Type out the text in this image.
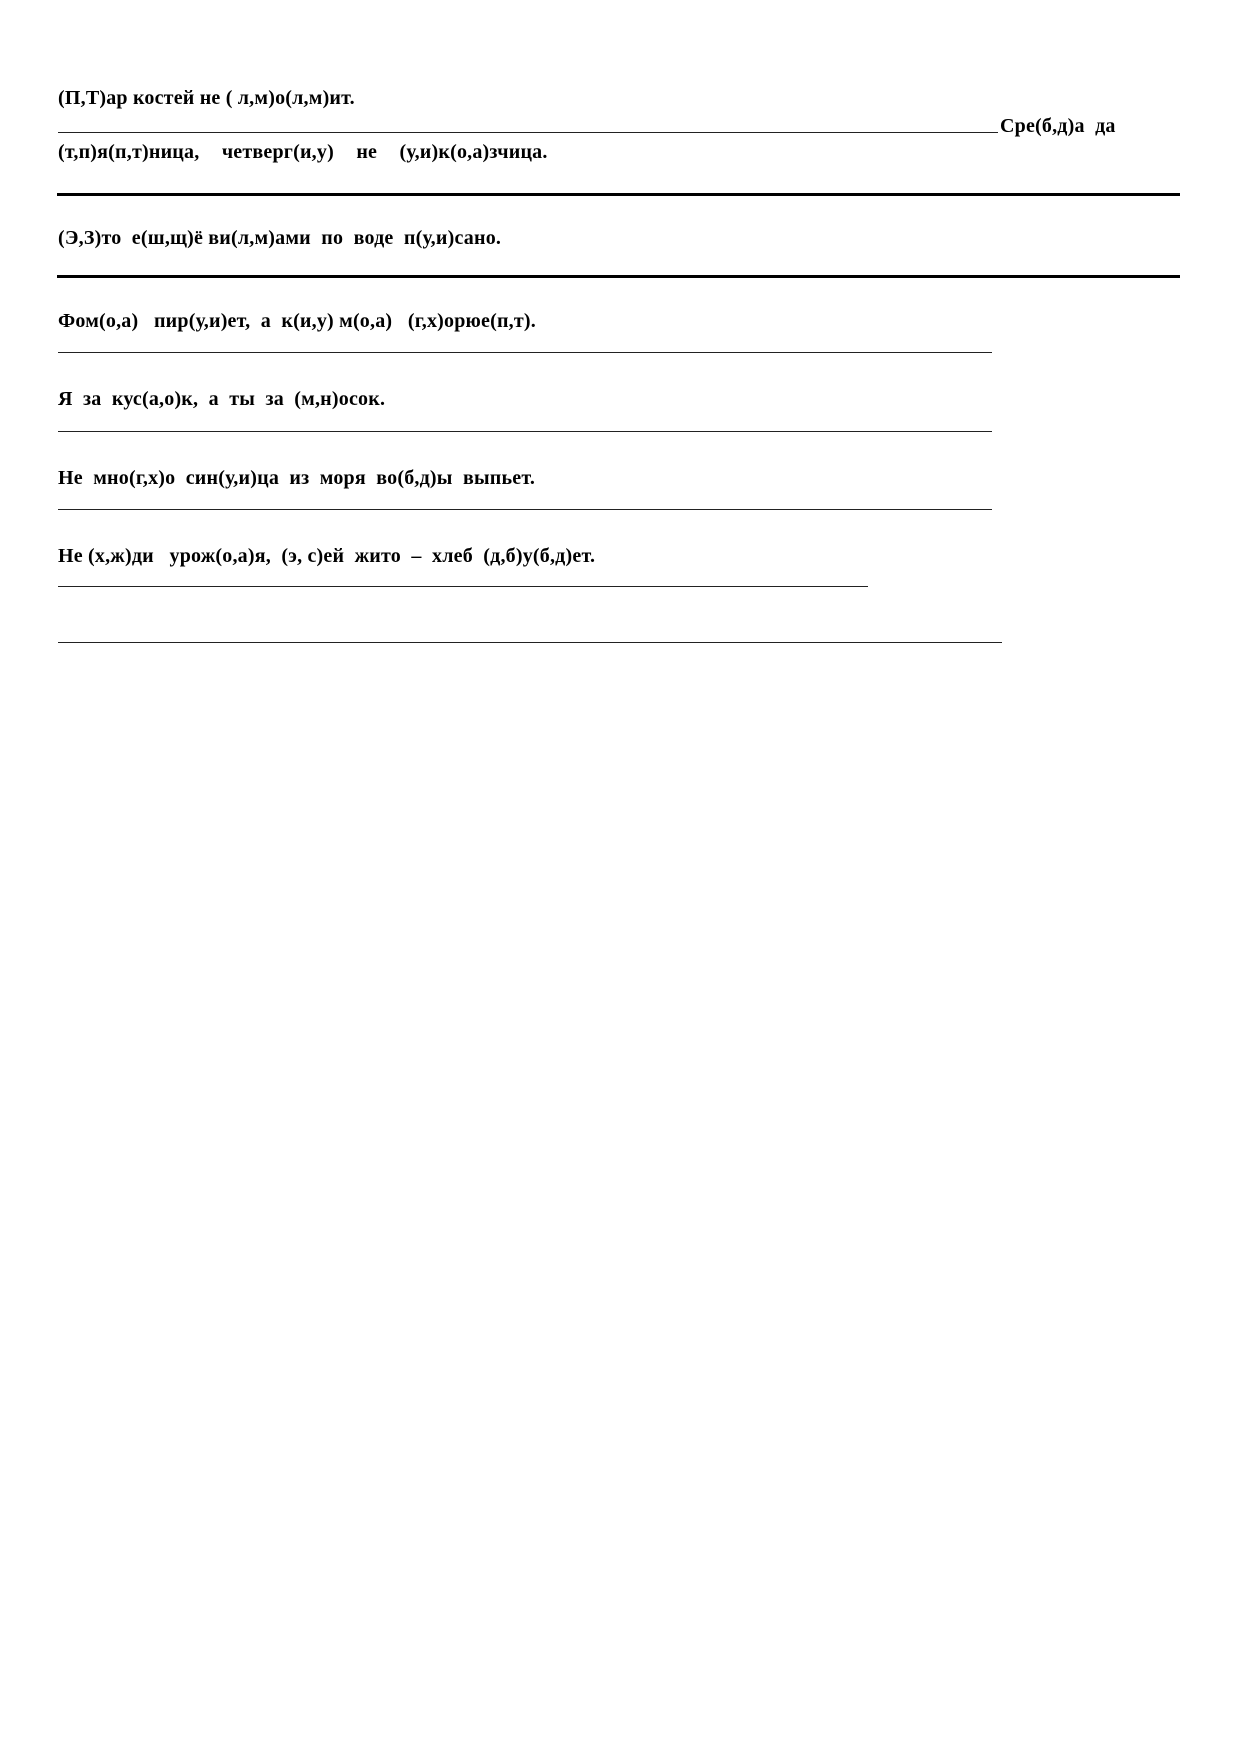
(П,Т)ар костей не ( л,м)о(л,м)ит.
Сре(б,д)а  да
(т,п)я(п,т)ница,  четверг(и,у)  не  (у,и)к(о,а)зчица.
(Э,З)то  е(ш,щ)ё ви(л,м)ами  по  воде  п(у,и)сано.
Фом(о,а)   пир(у,и)ет,  а  к(и,у) м(о,а)   (г,х)орюе(п,т).
Я  за  кус(а,о)к,  а  ты  за  (м,н)осок.
Не  мно(г,х)о  син(у,и)ца  из  моря  во(б,д)ы  выпьет.
Не (х,ж)ди   урож(о,а)я,  (э, с)ей  жито  –  хлеб  (д,б)у(б,д)ет.
